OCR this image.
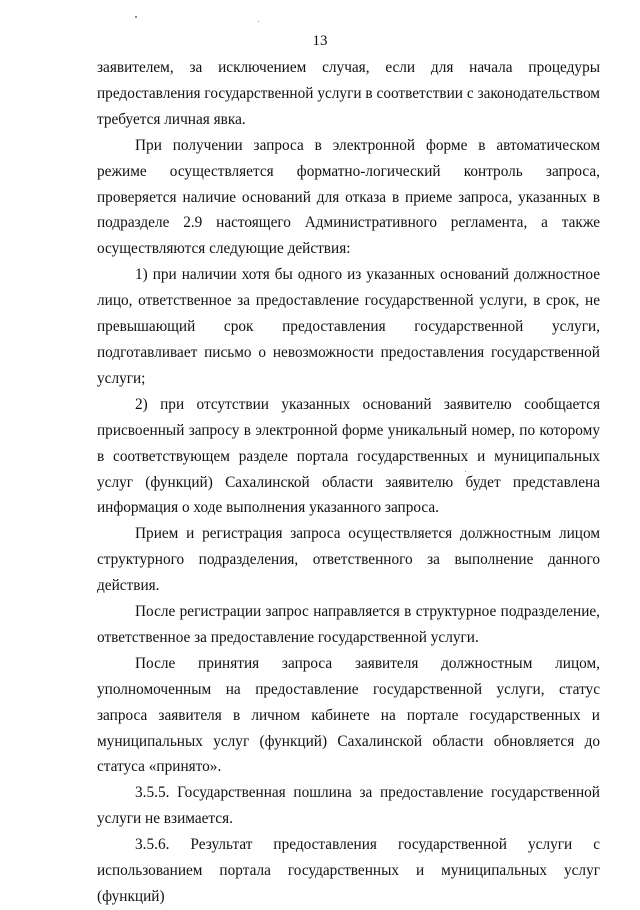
13

заявителем, за исключением случая, если для начала процедуры предоставления государственной услуги в соответствии с законодательством требуется личная явка.

При получении запроса в электронной форме в автоматическом режиме осуществляется форматно-логический контроль запроса, проверяется наличие оснований для отказа в приеме запроса, указанных в подразделе 2.9 настоящего Административного регламента, а также осуществляются следующие действия:

1) при наличии хотя бы одного из указанных оснований должностное лицо, ответственное за предоставление государственной услуги, в срок, не превышающий срок предоставления государственной услуги, подготавливает письмо о невозможности предоставления государственной услуги;

2) при отсутствии указанных оснований заявителю сообщается присвоенный запросу в электронной форме уникальный номер, по которому в соответствующем разделе портала государственных и муниципальных услуг (функций) Сахалинской области заявителю будет представлена информация о ходе выполнения указанного запроса.

Прием и регистрация запроса осуществляется должностным лицом структурного подразделения, ответственного за выполнение данного действия.

После регистрации запрос направляется в структурное подразделение, ответственное за предоставление государственной услуги.

После принятия запроса заявителя должностным лицом, уполномоченным на предоставление государственной услуги, статус запроса заявителя в личном кабинете на портале государственных и муниципальных услуг (функций) Сахалинской области обновляется до статуса «принято».

3.5.5. Государственная пошлина за предоставление государственной услуги не взимается.

3.5.6. Результат предоставления государственной услуги с использованием портала государственных и муниципальных услуг (функций)
